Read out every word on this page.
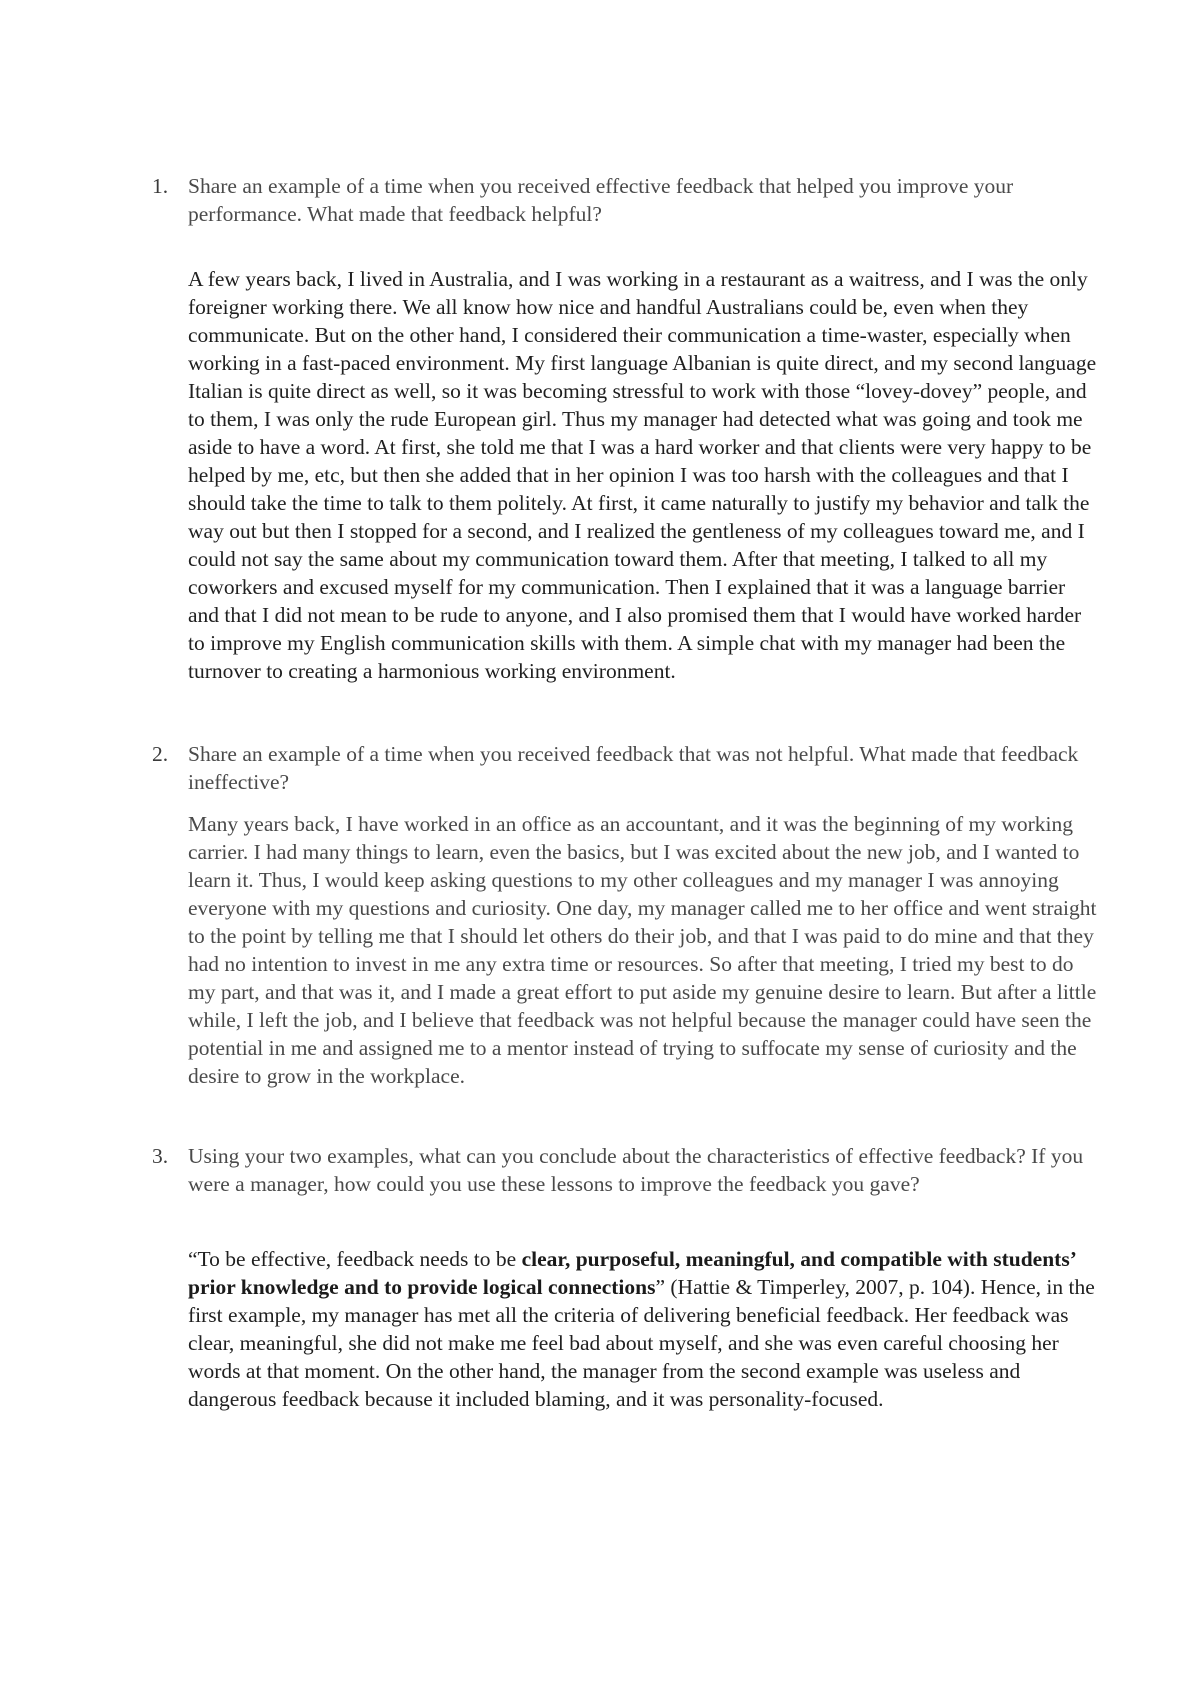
1. Share an example of a time when you received effective feedback that helped you improve your performance. What made that feedback helpful?
A few years back, I lived in Australia, and I was working in a restaurant as a waitress, and I was the only foreigner working there. We all know how nice and handful Australians could be, even when they communicate. But on the other hand, I considered their communication a time-waster, especially when working in a fast-paced environment. My first language Albanian is quite direct, and my second language Italian is quite direct as well, so it was becoming stressful to work with those “lovey-dovey” people, and to them, I was only the rude European girl. Thus my manager had detected what was going and took me aside to have a word. At first, she told me that I was a hard worker and that clients were very happy to be helped by me, etc, but then she added that in her opinion I was too harsh with the colleagues and that I should take the time to talk to them politely. At first, it came naturally to justify my behavior and talk the way out but then I stopped for a second, and I realized the gentleness of my colleagues toward me, and I could not say the same about my communication toward them. After that meeting, I talked to all my coworkers and excused myself for my communication. Then I explained that it was a language barrier and that I did not mean to be rude to anyone, and I also promised them that I would have worked harder to improve my English communication skills with them. A simple chat with my manager had been the turnover to creating a harmonious working environment.
2. Share an example of a time when you received feedback that was not helpful. What made that feedback ineffective?
Many years back, I have worked in an office as an accountant, and it was the beginning of my working carrier. I had many things to learn, even the basics, but I was excited about the new job, and I wanted to learn it. Thus, I would keep asking questions to my other colleagues and my manager I was annoying everyone with my questions and curiosity. One day, my manager called me to her office and went straight to the point by telling me that I should let others do their job, and that I was paid to do mine and that they had no intention to invest in me any extra time or resources. So after that meeting, I tried my best to do my part, and that was it, and I made a great effort to put aside my genuine desire to learn. But after a little while, I left the job, and I believe that feedback was not helpful because the manager could have seen the potential in me and assigned me to a mentor instead of trying to suffocate my sense of curiosity and the desire to grow in the workplace.
3. Using your two examples, what can you conclude about the characteristics of effective feedback? If you were a manager, how could you use these lessons to improve the feedback you gave?
“To be effective, feedback needs to be clear, purposeful, meaningful, and compatible with students’ prior knowledge and to provide logical connections” (Hattie & Timperley, 2007, p. 104). Hence, in the first example, my manager has met all the criteria of delivering beneficial feedback. Her feedback was clear, meaningful, she did not make me feel bad about myself, and she was even careful choosing her words at that moment. On the other hand, the manager from the second example was useless and dangerous feedback because it included blaming, and it was personality-focused.
